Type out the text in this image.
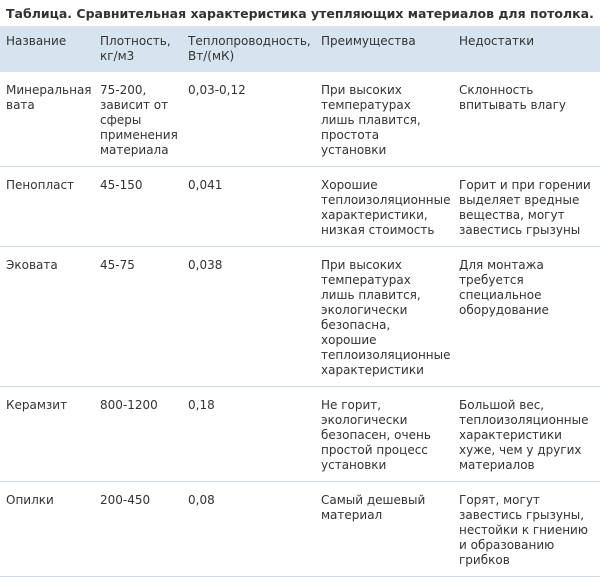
Таблица. Сравнительная характеристика утепляющих материалов для потолка.
Название	Плотность, кг/м3	Теплопроводность, Вт/(мК)	Преимущества	Недостатки
Минеральная вата	75-200, зависит от сферы применения материала	0,03-0,12	При высоких температурах лишь плавится, простота установки	Склонность впитывать влагу
Пенопласт	45-150	0,041	Хорошие теплоизоляционные характеристики, низкая стоимость	Горит и при горении выделяет вредные вещества, могут завестись грызуны
Эковата	45-75	0,038	При высоких температурах лишь плавится, экологически безопасна, хорошие теплоизоляционные характеристики	Для монтажа требуется специальное оборудование
Керамзит	800-1200	0,18	Не горит, экологически безопасен, очень простой процесс установки	Большой вес, теплоизоляционные характеристики хуже, чем у других материалов
Опилки	200-450	0,08	Самый дешевый материал	Горят, могут завестись грызуны, нестойки к гниению и образованию грибков
